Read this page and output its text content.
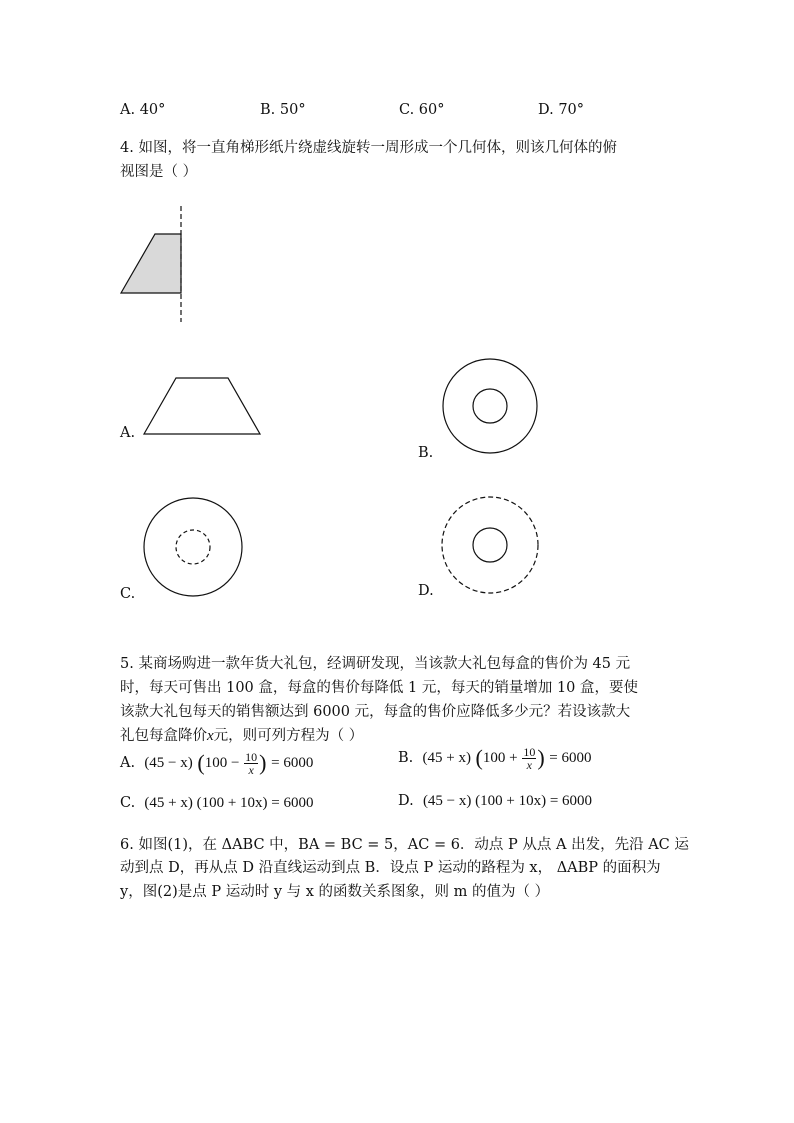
A. 40°	B. 50°	C. 60°	D. 70°
4. 如图，将一直角梯形纸片绕虚线旋转一周形成一个几何体，则该几何体的俯
视图是（ ）
A.
B.
C.	D.
5. 某商场购进一款年货大礼包，经调研发现，当该款大礼包每盒的售价为 45 元
时，每天可售出 100 盒，每盒的售价每降低 1 元，每天的销量增加 10 盒，要使
该款大礼包每天的销售额达到 6000 元，每盒的售价应降低多少元？若设该款大
礼包每盒降价x元，则可列方程为（ ）
A. (45 − x) ($100 - \frac{10}{x}$ ) = 6000	B. (45 + x) ($100 + \frac{10}{x}$ ) = 6000
C. (45 + x) (100 + 10x) = 6000	D. (45 − x) (100 + 10x) = 6000
6. 如图(1)，在 ΔABC 中，BA = BC = 5，AC = 6．动点 P 从点 A 出发，先沿 AC 运
动到点 D，再从点 D 沿直线运动到点 B．设点 P 运动的路程为 x， ΔABP 的面积为
y，图(2)是点 P 运动时 y 与 x 的函数关系图象，则 m 的值为（ ）
